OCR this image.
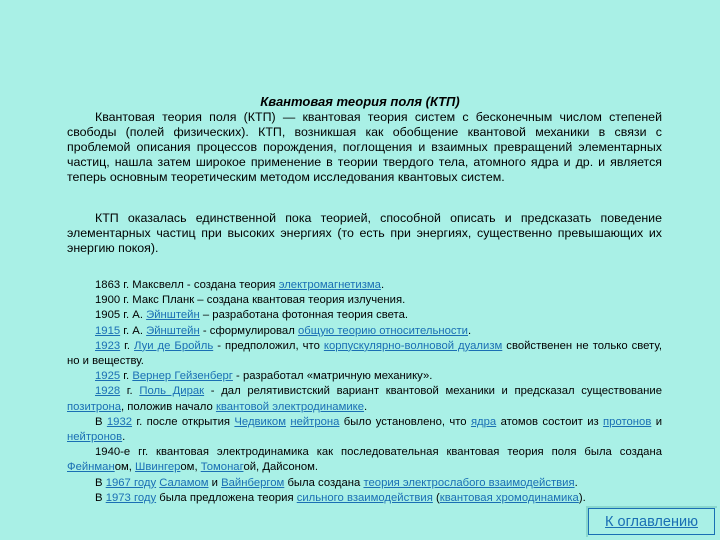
Квантовая теория поля (КТП)

Квантовая теория поля (КТП) — квантовая теория систем с бесконечным числом степеней свободы (полей физических). КТП, возникшая как обобщение квантовой механики в связи с проблемой описания процессов порождения, поглощения и взаимных превращений элементарных частиц, нашла затем широкое применение в теории твердого тела, атомного ядра и др. и является теперь основным теоретическим методом исследования квантовых систем.

КТП оказалась единственной пока теорией, способной описать и предсказать поведение элементарных частиц при высоких энергиях (то есть при энергиях, существенно превышающих их энергию покоя).

1863 г. Максвелл - создана теория электромагнетизма.
1900 г. Макс Планк – создана квантовая теория излучения.
1905 г. А. Эйнштейн – разработана фотонная теория света.
1915 г. А. Эйнштейн - сформулировал общую теорию относительности.
1923 г. Луи де Бройль - предположил, что корпускулярно-волновой дуализм свойственен не только свету, но и веществу.
1925 г. Вернер Гейзенберг - разработал «матричную механику».
1928 г. Поль Дирак - дал релятивистский вариант квантовой механики и предсказал существование позитрона, положив начало квантовой электродинамике.
В 1932 г. после открытия Чедвиком нейтрона было установлено, что ядра атомов состоит из протонов и нейтронов.
1940-е гг. квантовая электродинамика как последовательная квантовая теория поля была создана Фейнманом, Швингером, Томонагой, Дайсоном.
В 1967 году Саламом и Вайнбергом была создана теория электрослабого взаимодействия.
В 1973 году была предложена теория сильного взаимодействия (квантовая хромодинамика).
К оглавлению
